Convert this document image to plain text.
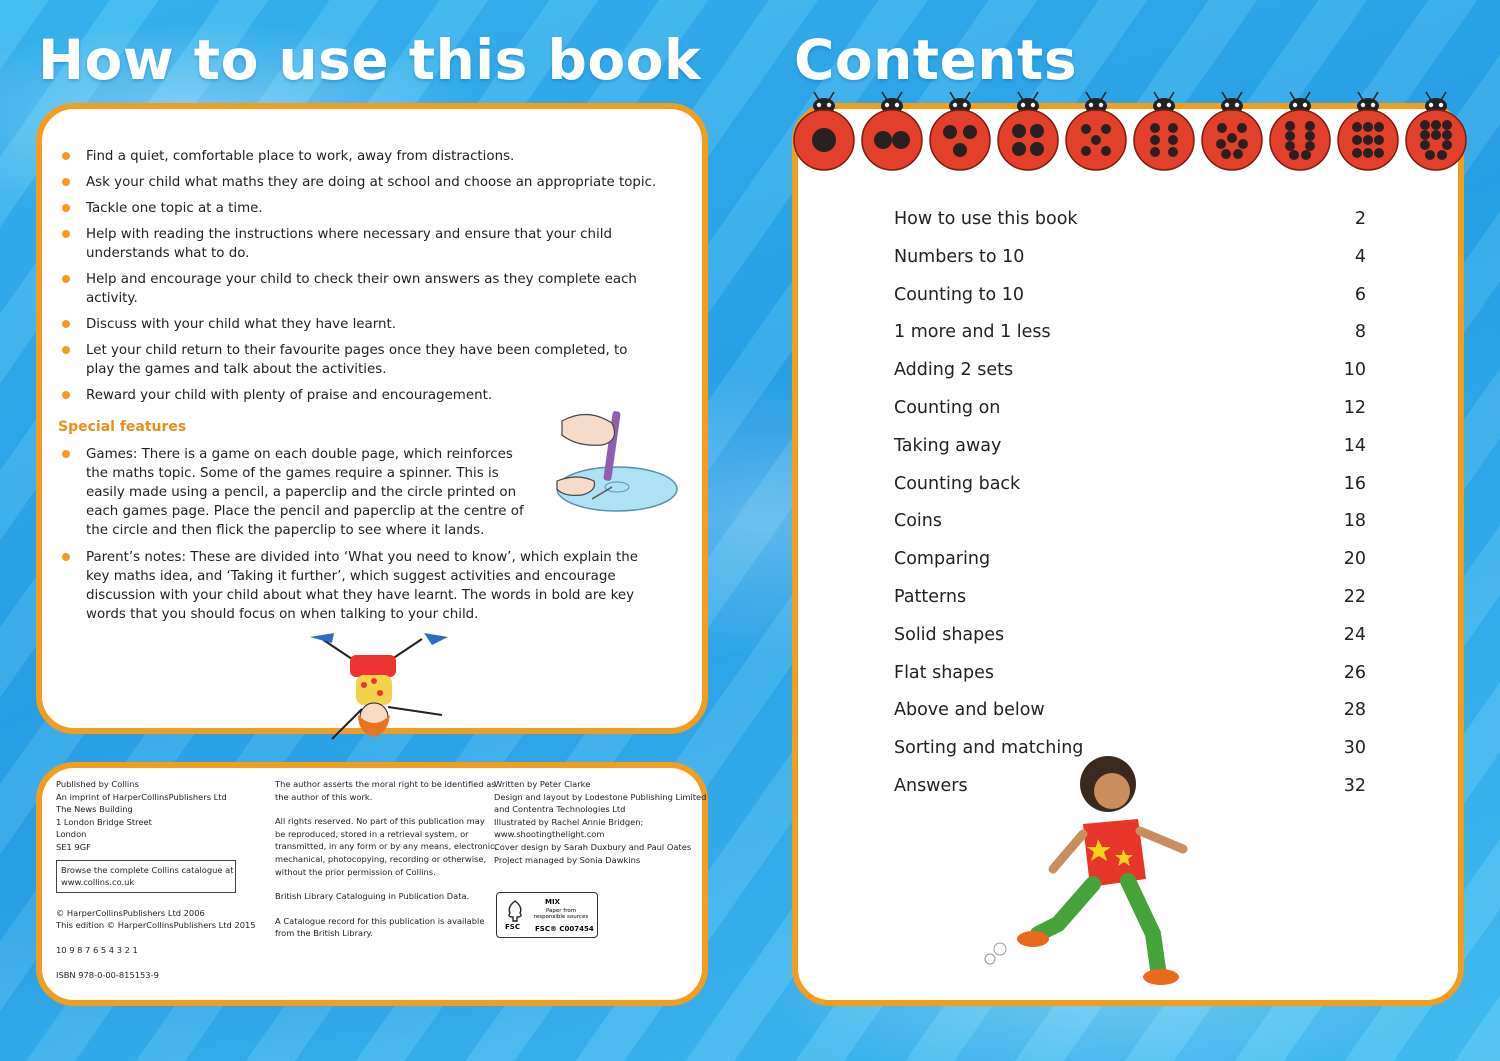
How to use this book
Find a quiet, comfortable place to work, away from distractions.
Ask your child what maths they are doing at school and choose an appropriate topic.
Tackle one topic at a time.
Help with reading the instructions where necessary and ensure that your child understands what to do.
Help and encourage your child to check their own answers as they complete each activity.
Discuss with your child what they have learnt.
Let your child return to their favourite pages once they have been completed, to play the games and talk about the activities.
Reward your child with plenty of praise and encouragement.
Special features
Games: There is a game on each double page, which reinforces the maths topic. Some of the games require a spinner. This is easily made using a pencil, a paperclip and the circle printed on each games page. Place the pencil and paperclip at the centre of the circle and then flick the paperclip to see where it lands.
Parent’s notes: These are divided into ‘What you need to know’, which explain the key maths idea, and ‘Taking it further’, which suggest activities and encourage discussion with your child about what they have learnt. The words in bold are key words that you should focus on when talking to your child.
Published by Collins
An imprint of HarperCollinsPublishers Ltd
The News Building
1 London Bridge Street
London
SE1 9GF
Browse the complete Collins catalogue at
www.collins.co.uk
© HarperCollinsPublishers Ltd 2006
This edition © HarperCollinsPublishers Ltd 2015
10 9 8 7 6 5 4 3 2 1
ISBN 978-0-00-815153-9

The author asserts the moral right to be identified as
the author of this work.

All rights reserved. No part of this publication may
be reproduced, stored in a retrieval system, or
transmitted, in any form or by any means, electronic,
mechanical, photocopying, recording or otherwise,
without the prior permission of Collins.

British Library Cataloguing in Publication Data.

A Catalogue record for this publication is available
from the British Library.

Written by Peter Clarke
Design and layout by Lodestone Publishing Limited
and Contentra Technologies Ltd
Illustrated by Rachel Annie Bridgen;
www.shootingthelight.com
Cover design by Sarah Duxbury and Paul Oates
Project managed by Sonia Dawkins
FSC
MIX
Paper from responsible sources
FSC® C007454
Contents
How to use this book	2
Numbers to 10	4
Counting to 10	6
1 more and 1 less	8
Adding 2 sets	10
Counting on	12
Taking away	14
Counting back	16
Coins	18
Comparing	20
Patterns	22
Solid shapes	24
Flat shapes	26
Above and below	28
Sorting and matching	30
Answers	32
